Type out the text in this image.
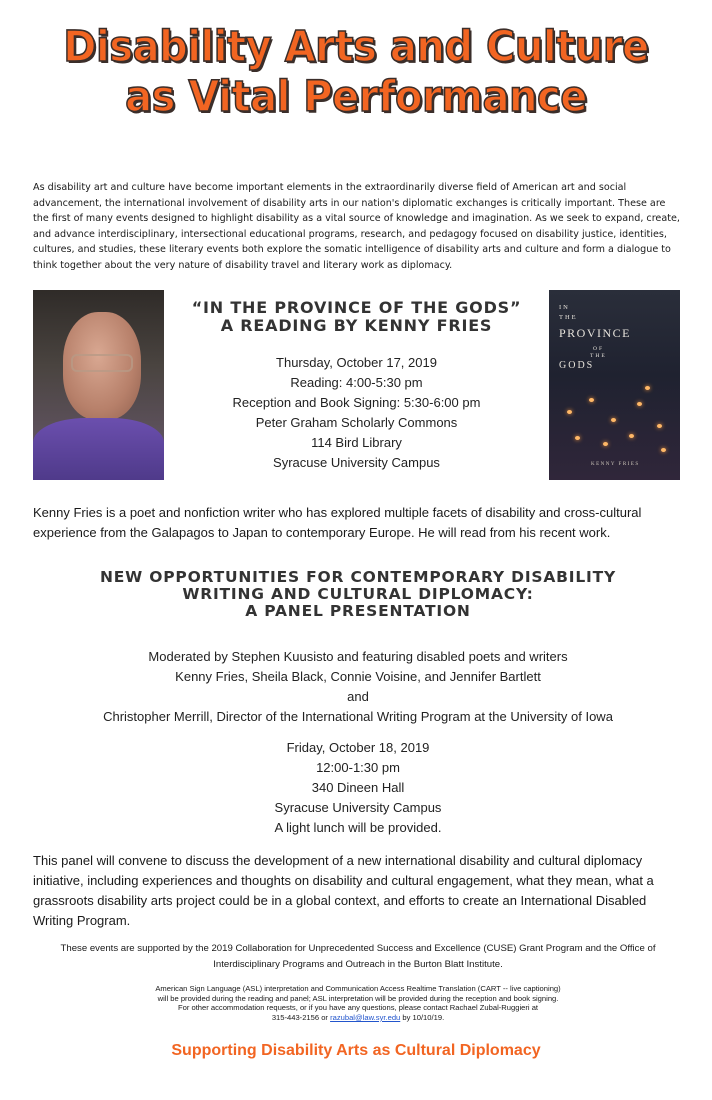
Disability Arts and Culture
as Vital Performance

As disability art and culture have become important elements in the extraordinarily diverse field of American art and social advancement, the international involvement of disability arts in our nation's diplomatic exchanges is critically important. These are the first of many events designed to highlight disability as a vital source of knowledge and imagination. As we seek to expand, create, and advance interdisciplinary, intersectional educational programs, research, and pedagogy focused on disability justice, identities, cultures, and studies, these literary events both explore the somatic intelligence of disability arts and culture and form a dialogue to think together about the very nature of disability travel and literary work as diplomacy.

“IN THE PROVINCE OF THE GODS”
A READING BY KENNY FRIES
Thursday, October 17, 2019
Reading: 4:00-5:30 pm
Reception and Book Signing: 5:30-6:00 pm
Peter Graham Scholarly Commons
114 Bird Library
Syracuse University Campus
IN
THE
PROVINCE
OF
THE
GODS
KENNY FRIES

Kenny Fries is a poet and nonfiction writer who has explored multiple facets of disability and cross-cultural experience from the Galapagos to Japan to contemporary Europe. He will read from his recent work.

NEW OPPORTUNITIES FOR CONTEMPORARY DISABILITY
WRITING AND CULTURAL DIPLOMACY:
A PANEL PRESENTATION
Moderated by Stephen Kuusisto and featuring disabled poets and writers
Kenny Fries, Sheila Black, Connie Voisine, and Jennifer Bartlett
and
Christopher Merrill, Director of the International Writing Program at the University of Iowa
Friday, October 18, 2019
12:00-1:30 pm
340 Dineen Hall
Syracuse University Campus
A light lunch will be provided.

This panel will convene to discuss the development of a new international disability and cultural diplomacy initiative, including experiences and thoughts on disability and cultural engagement, what they mean, what a grassroots disability arts project could be in a global context, and efforts to create an International Disabled Writing Program.

These events are supported by the 2019 Collaboration for Unprecedented Success and Excellence (CUSE) Grant Program and the Office of Interdisciplinary Programs and Outreach in the Burton Blatt Institute.

American Sign Language (ASL) interpretation and Communication Access Realtime Translation (CART -- live captioning)
will be provided during the reading and panel; ASL interpretation will be provided during the reception and book signing.
For other accommodation requests, or if you have any questions, please contact Rachael Zubal-Ruggieri at
315-443-2156 or razubal@law.syr.edu by 10/10/19.
Supporting Disability Arts as Cultural Diplomacy
